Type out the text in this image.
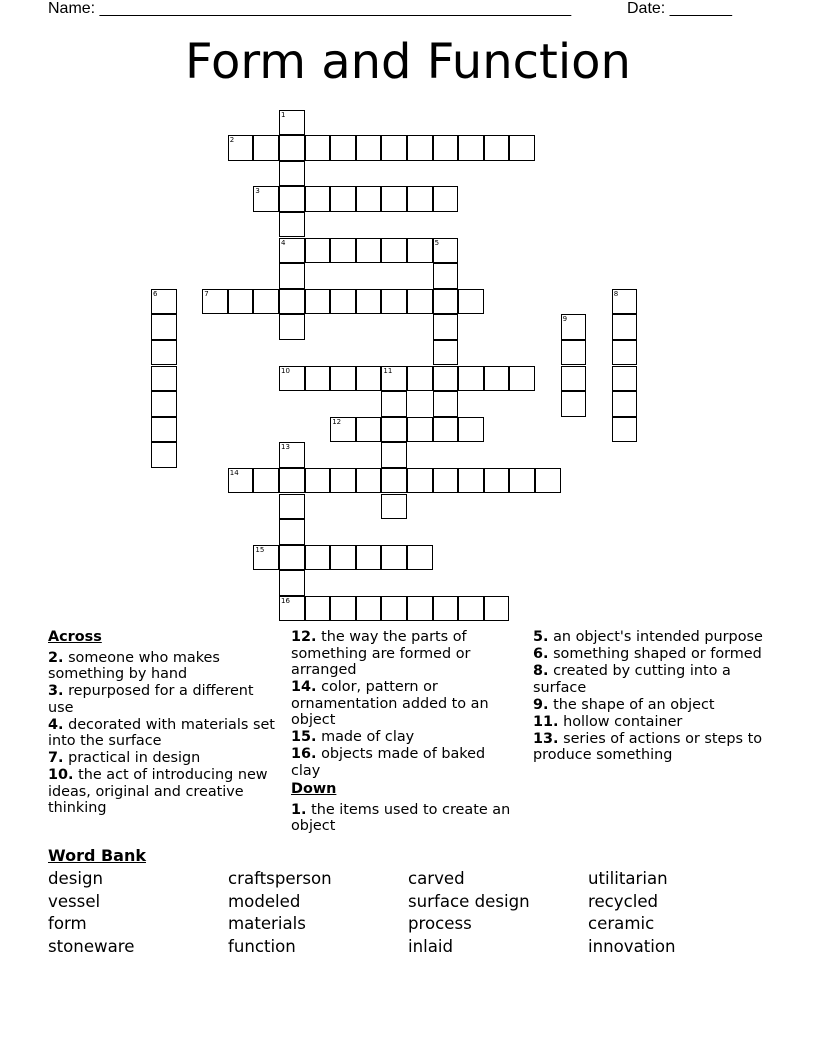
Name: _____________________________________________________	Date: _______
Form and Function
1
4
2
3
5
6	7	8
9
10	11
12
13
16
14
15
Across
2. someone who makes something by hand
3. repurposed for a different use
4. decorated with materials set into the surface
7. practical in design
10. the act of introducing new ideas, original and creative thinking
12. the way the parts of something are formed or arranged
14. color, pattern or ornamentation added to an object
15. made of clay
16. objects made of baked clay
Down
1. the items used to create an object
5. an object's intended purpose
6. something shaped or formed
8. created by cutting into a surface
9. the shape of an object
11. hollow container
13. series of actions or steps to produce something
Word Bank
design	craftsperson	carved	utilitarian
vessel	modeled	surface design	recycled
form	materials	process	ceramic
stoneware	function	inlaid	innovation
